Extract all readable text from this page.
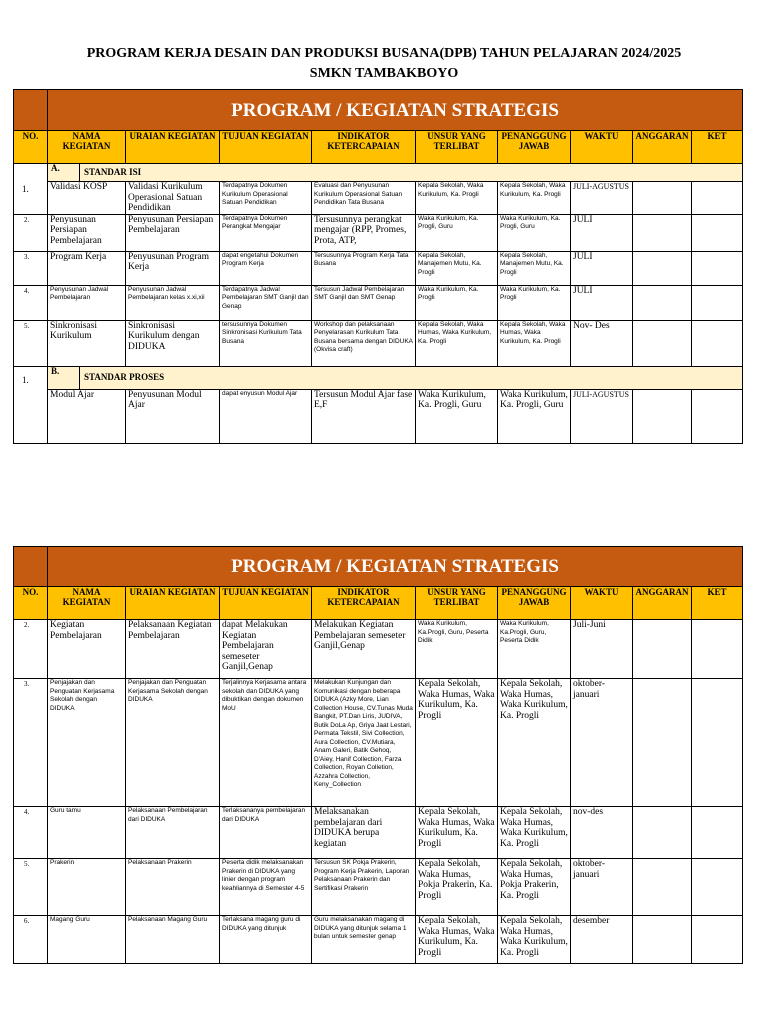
PROGRAM KERJA DESAIN DAN PRODUKSI BUSANA(DPB) TAHUN PELAJARAN 2024/2025
SMKN TAMBAKBOYO
	PROGRAM / KEGIATAN STRATEGIS								
NO.	NAMA KEGIATAN	URAIAN KEGIATAN	TUJUAN KEGIATAN	INDIKATOR KETERCAPAIAN	UNSUR YANG TERLIBAT	PENANGGUNG JAWAB	WAKTU	ANGGARAN	KET
1.	A. STANDAR ISI								
	Validasi KOSP	Validasi Kurikulum Operasional Satuan Pendidikan	Terdapatnya Dokumen Kurikulum Operasional Satuan Pendidikan	Evaluasi dan Penyusunan Kurikulum Operasional Satuan Pendidikan Tata Busana	Kepala Sekolah, Waka Kurikulum, Ka. Progli	Kepala Sekolah, Waka Kurikulum, Ka. Progli	JULI-AGUSTUS		
2.	Penyusunan Persiapan Pembelajaran	Penyusunan Persiapan Pembelajaran	Terdapatnya Dokumen Perangkat Mengajar	Tersusunnya perangkat mengajar (RPP, Promes, Prota, ATP,	Waka Kurikulum, Ka. Progli, Guru	Waka Kurikulum, Ka. Progli, Guru	JULI		
3.	Program Kerja	Penyusunan Program Kerja	dapat engetahui Dokumen Program Kerja	Tersusunnya Program Kerja Tata Busana	Kepala Sekolah, Manajemen Mutu, Ka. Progli	Kepala Sekolah, Manajemen Mutu, Ka. Progli	JULI		
4.	Penyusunan Jadwal Pembelajaran	Penyusunan Jadwal Pembelajaran kelas x.xi,xii	Terdapatnya Jadwal Pembelajaran SMT Ganjil dan Genap	Tersusun Jadwal Pembelajaran SMT Ganjil dan SMT Genap	Waka Kurikulum, Ka. Progli	Waka Kurikulum, Ka. Progli	JULI		
5.	Sinkronisasi Kurikulum	Sinkronisasi Kurikulum dengan DIDUKA	tersusunnya Dokumen Sinkronisasi Kurikulum Tata Busana	Workshop dan pelaksanaan Penyelarasan Kurikulum Tata Busana bersama dengan DIDUKA (Okvisa craft)	Kepala Sekolah, Waka Humas, Waka Kurikulum, Ka. Progli	Kepala Sekolah, Waka Humas, Waka Kurikulum, Ka. Progli	Nov- Des		
1.	B.STANDAR PROSES								
	Modul Ajar	Penyusunan Modul Ajar	dapat enyusun Modul Ajar	Tersusun Modul Ajar fase E,F	Waka Kurikulum, Ka. Progli, Guru	Waka Kurikulum, Ka. Progli, Guru	JULI-AGUSTUS		
	PROGRAM / KEGIATAN STRATEGIS								
NO.	NAMA KEGIATAN	URAIAN KEGIATAN	TUJUAN KEGIATAN	INDIKATOR KETERCAPAIAN	UNSUR YANG TERLIBAT	PENANGGUNG JAWAB	WAKTU	ANGGARAN	KET
2.	Kegiatan Pembelajaran	Pelaksanaan Kegiatan Pembelajaran	dapat Melakukan Kegiatan Pembelajaran semeseter Ganjil,Genap	Melakukan Kegiatan Pembelajaran semeseter Ganjil,Genap	Waka Kurikulum, Ka.Progli, Guru, Peserta Didik	Waka Kurikulum, Ka.Progli, Guru, Peserta Didik	Juli-Juni		
3.	Penjajakan dan Penguatan Kerjasama Sekolah dengan DIDUKA	Penjajakan dan Penguatan Kerjasama Sekolah dengan DIDUKA	Terjalinnya Kerjasama antara sekolah dan DIDUKA yang dibuktikan dengan dokumen MoU	Melakukan Kunjungan dan Komunikasi dengan beberapa DIDUKA (Azky More, Lian Collection House, CV.Tunas Muda Bangkit, PT.Dan Liris, JUDIVA, Butik DoLa Ap, Griya Jaat Lestari, Permata Tekstil, Sivi Collection, Aura Collection, CV.Mutiara, Anam Galeri, Batik Gehoq, D'Aiey, Hanif Collection, Farza Collection, Royan Colletion, Azzahra Collection, Keny_Collection	Kepala Sekolah, Waka Humas, Waka Kurikulum, Ka. Progli	Kepala Sekolah, Waka Humas, Waka Kurikulum, Ka. Progli	oktober-januari		
4.	Guru tamu	Pelaksanaan Pembelajaran dari DIDUKA	Terlaksananya pembelajaran dari DIDUKA	Melaksanakan pembelajaran dari DIDUKA berupa kegiatan	Kepala Sekolah, Waka Humas, Waka Kurikulum, Ka. Progli	Kepala Sekolah, Waka Humas, Waka Kurikulum, Ka. Progli	nov-des		
5.	Prakerin	Pelaksanaan Prakerin	Peserta didik melaksanakan Prakerin di DIDUKA yang linier dengan program keahliannya di Semester 4-5	Tersusun SK Pokja Prakerin, Program Kerja Prakerin, Laporan Pelaksanaan Prakerin dan Sertifikasi Prakerin	Kepala Sekolah, Waka Humas, Pokja Prakerin, Ka. Progli	Kepala Sekolah, Waka Humas, Pokja Prakerin, Ka. Progli	oktober-januari		
6.	Magang Guru	Pelaksanaan Magang Guru	Terlaksana magang guru di DIDUKA yang ditunjuk	Guru melaksanakan magang di DIDUKA yang ditunjuk selama 1 bulan untuk semester genap	Kepala Sekolah, Waka Humas, Waka Kurikulum, Ka. Progli	Kepala Sekolah, Waka Humas, Waka Kurikulum, Ka. Progli	desember		
